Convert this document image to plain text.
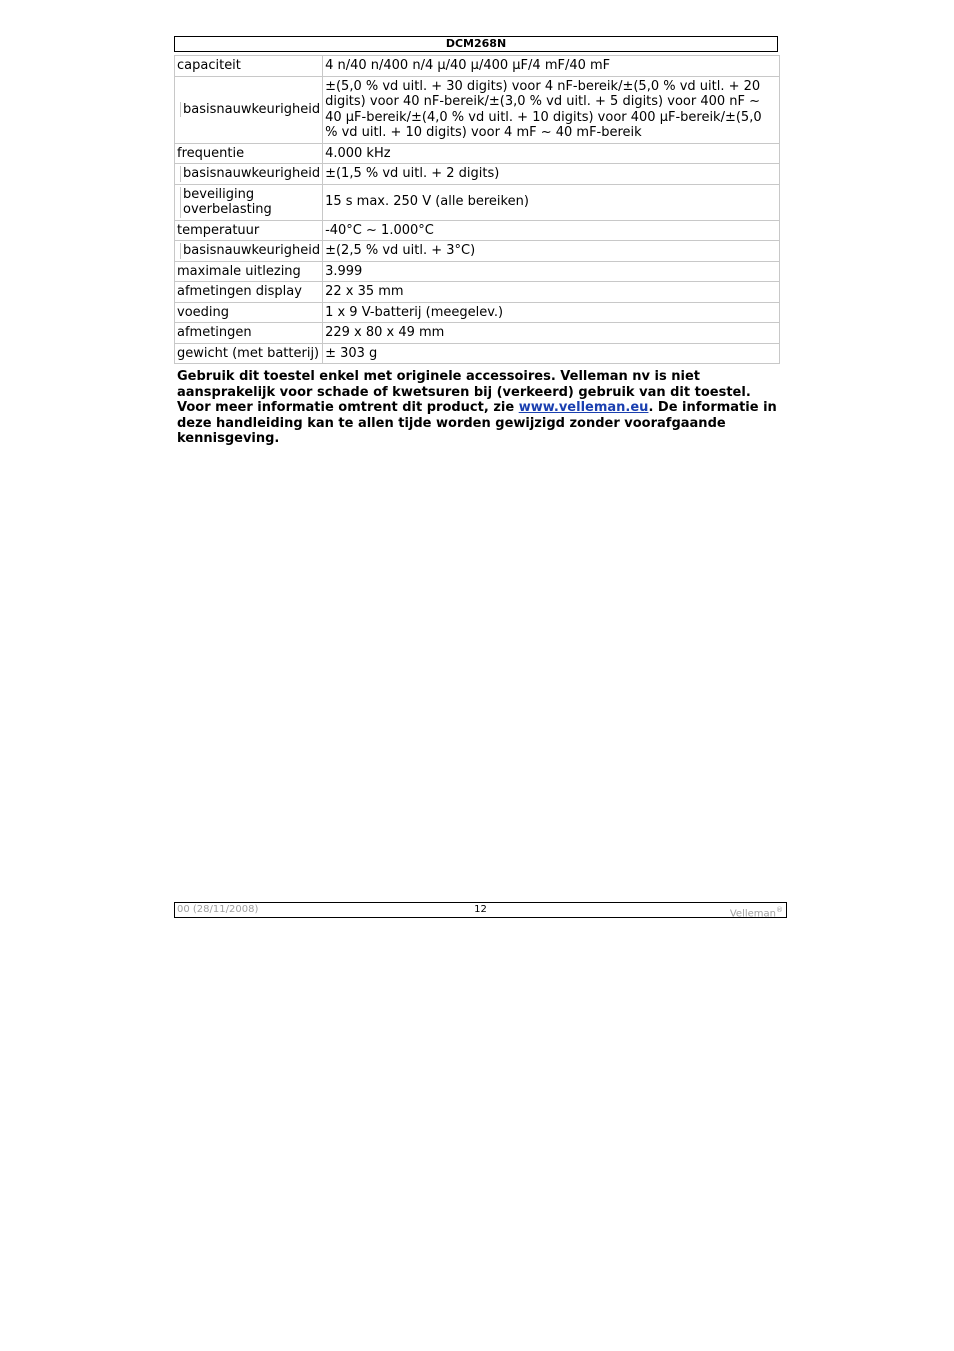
DCM268N
capaciteit	4 n/40 n/400 n/4 µ/40 µ/400 µF/4 mF/40 mF

basisnauwkeurigheid	±(5,0 % vd uitl. + 30 digits) voor 4 nF-bereik/±(5,0 % vd uitl. + 20 digits) voor 40 nF-bereik/±(3,0 % vd uitl. + 5 digits) voor 400 nF ~ 40 µF-bereik/±(4,0 % vd uitl. + 10 digits) voor 400 µF-bereik/±(5,0 % vd uitl. + 10 digits) voor 4 mF ~ 40 mF-bereik
frequentie	4.000 kHz

basisnauwkeurigheid	±(1,5 % vd uitl. + 2 digits)

beveiliging overbelasting	15 s max. 250 V (alle bereiken)
temperatuur	-40°C ~ 1.000°C

basisnauwkeurigheid	±(2,5 % vd uitl. + 3°C)
maximale uitlezing	3.999
afmetingen display	22 x 35 mm
voeding	1 x 9 V-batterij (meegelev.)
afmetingen	229 x 80 x 49 mm
gewicht (met batterij)	± 303 g
Gebruik dit toestel enkel met originele accessoires. Velleman nv is niet aansprakelijk voor schade of kwetsuren bij (verkeerd) gebruik van dit toestel. Voor meer informatie omtrent dit product, zie www.velleman.eu. De informatie in deze handleiding kan te allen tijde worden gewijzigd zonder voorafgaande kennisgeving.
00 (28/11/2008)	12	Velleman®
